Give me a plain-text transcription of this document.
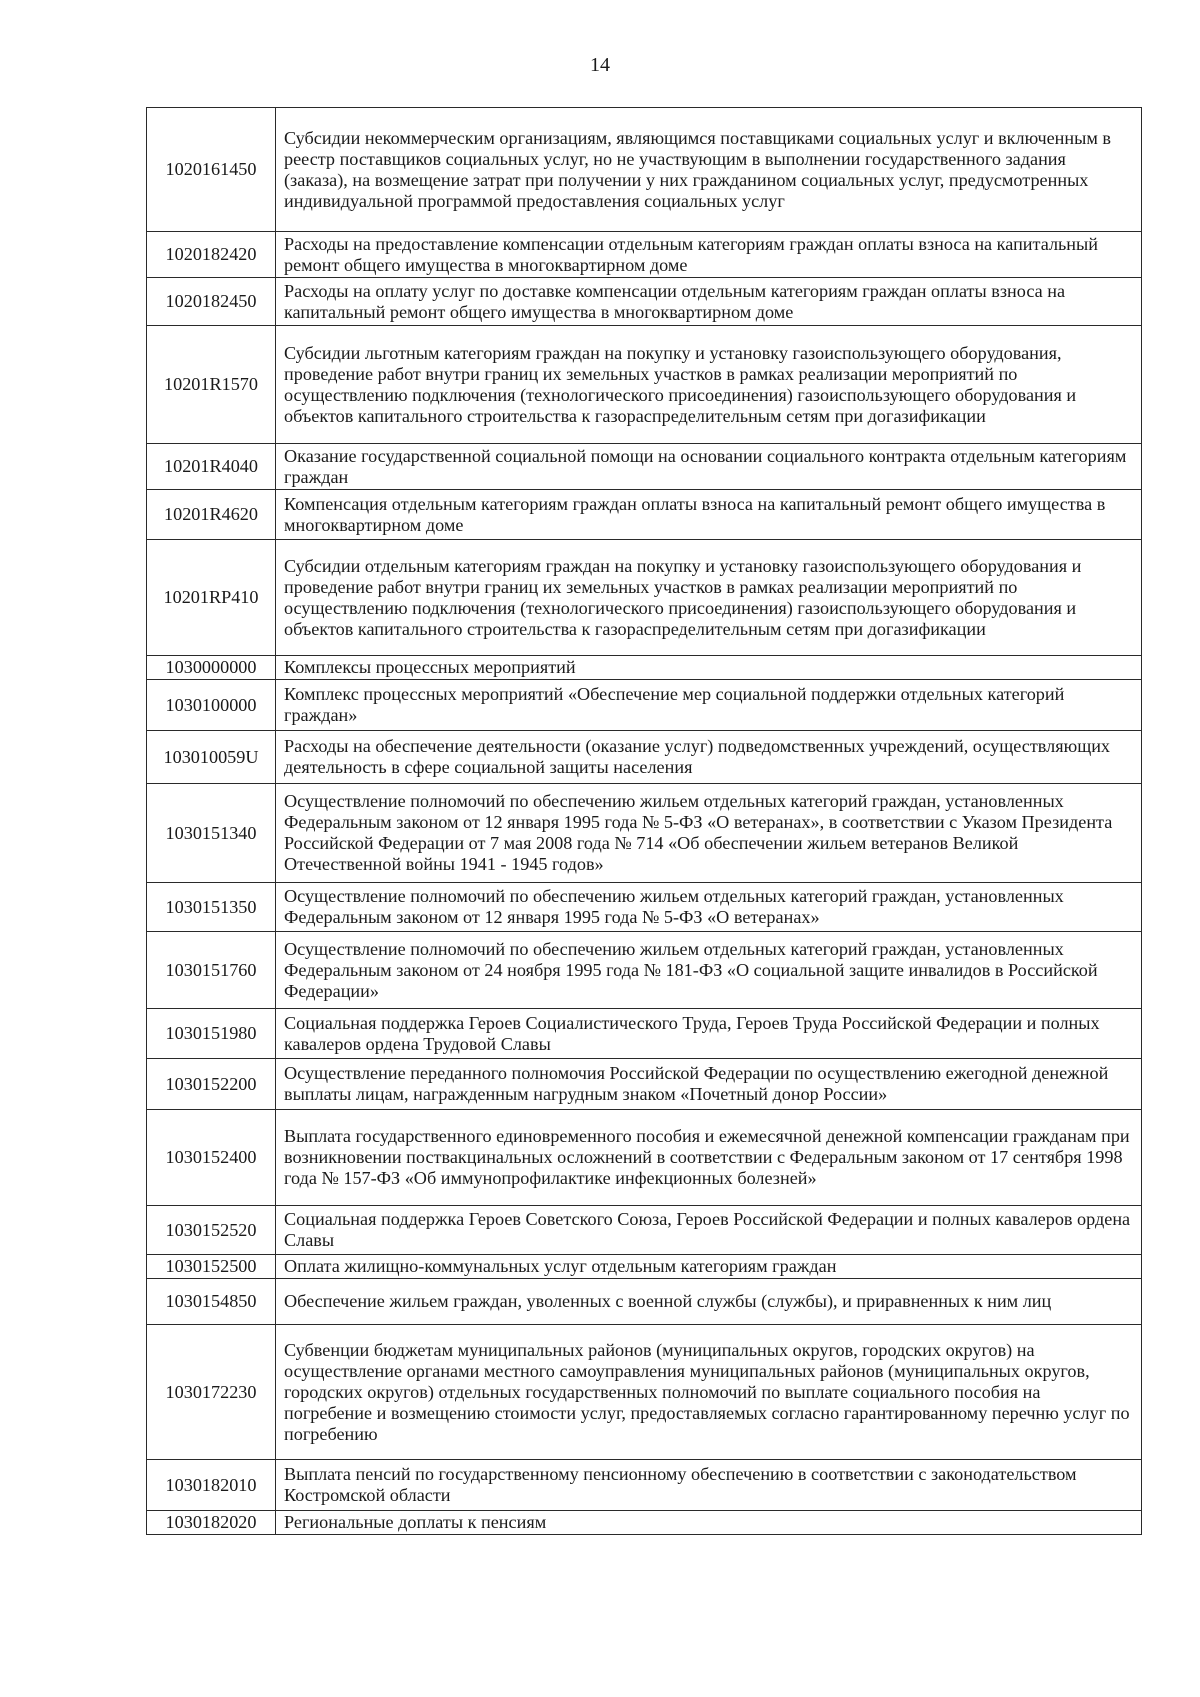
14
1020161450	Субсидии некоммерческим организациям, являющимся поставщиками социальных услуг и включенным в реестр поставщиков социальных услуг, но не участвующим в выполнении государственного задания (заказа), на возмещение затрат при получении у них гражданином социальных услуг, предусмотренных индивидуальной программой предоставления социальных услуг
1020182420	Расходы на предоставление компенсации отдельным категориям граждан оплаты взноса на капитальный ремонт общего имущества в многоквартирном доме
1020182450	Расходы на оплату услуг по доставке компенсации отдельным категориям граждан оплаты взноса на капитальный ремонт общего имущества в многоквартирном доме
10201R1570	Субсидии льготным категориям граждан на покупку и установку газоиспользующего оборудования, проведение работ внутри границ их земельных участков в рамках реализации мероприятий по осуществлению подключения (технологического присоединения) газоиспользующего оборудования и объектов капитального строительства к газораспределительным сетям при догазификации
10201R4040	Оказание государственной социальной помощи на основании социального контракта отдельным категориям граждан
10201R4620	Компенсация отдельным категориям граждан оплаты взноса на капитальный ремонт общего имущества в многоквартирном доме
10201RP410	Субсидии отдельным категориям граждан на покупку и установку газоиспользующего оборудования и проведение работ внутри границ их земельных участков в рамках реализации мероприятий по осуществлению подключения (технологического присоединения) газоиспользующего оборудования и объектов капитального строительства к газораспределительным сетям при догазификации
1030000000	Комплексы процессных мероприятий
1030100000	Комплекс процессных мероприятий «Обеспечение мер социальной поддержки отдельных категорий граждан»
103010059U	Расходы на обеспечение деятельности (оказание услуг) подведомственных учреждений, осуществляющих деятельность в сфере социальной защиты населения
1030151340	Осуществление полномочий по обеспечению жильем отдельных категорий граждан, установленных Федеральным законом от 12 января 1995 года № 5-ФЗ «О ветеранах», в соответствии с Указом Президента Российской Федерации от 7 мая 2008 года № 714 «Об обеспечении жильем ветеранов Великой Отечественной войны 1941 - 1945 годов»
1030151350	Осуществление полномочий по обеспечению жильем отдельных категорий граждан, установленных Федеральным законом от 12 января 1995 года № 5-ФЗ «О ветеранах»
1030151760	Осуществление полномочий по обеспечению жильем отдельных категорий граждан, установленных Федеральным законом от 24 ноября 1995 года № 181-ФЗ «О социальной защите инвалидов в Российской Федерации»
1030151980	Социальная поддержка Героев Социалистического Труда, Героев Труда Российской Федерации и полных кавалеров ордена Трудовой Славы
1030152200	Осуществление переданного полномочия Российской Федерации по осуществлению ежегодной денежной выплаты лицам, награжденным нагрудным знаком «Почетный донор России»
1030152400	Выплата государственного единовременного пособия и ежемесячной денежной компенсации гражданам при возникновении поствакцинальных осложнений в соответствии с Федеральным законом от 17 сентября 1998 года № 157-ФЗ «Об иммунопрофилактике инфекционных болезней»
1030152520	Социальная поддержка Героев Советского Союза, Героев Российской Федерации и полных кавалеров ордена Славы
1030152500	Оплата жилищно-коммунальных услуг отдельным категориям граждан
1030154850	Обеспечение жильем граждан, уволенных с военной службы (службы), и приравненных к ним лиц
1030172230	Субвенции бюджетам муниципальных районов (муниципальных округов, городских округов) на осуществление органами местного самоуправления муниципальных районов (муниципальных округов, городских округов) отдельных государственных полномочий по выплате социального пособия на погребение и возмещению стоимости услуг, предоставляемых согласно гарантированному перечню услуг по погребению
1030182010	Выплата пенсий по государственному пенсионному обеспечению в соответствии с законодательством Костромской области
1030182020	Региональные доплаты к пенсиям
